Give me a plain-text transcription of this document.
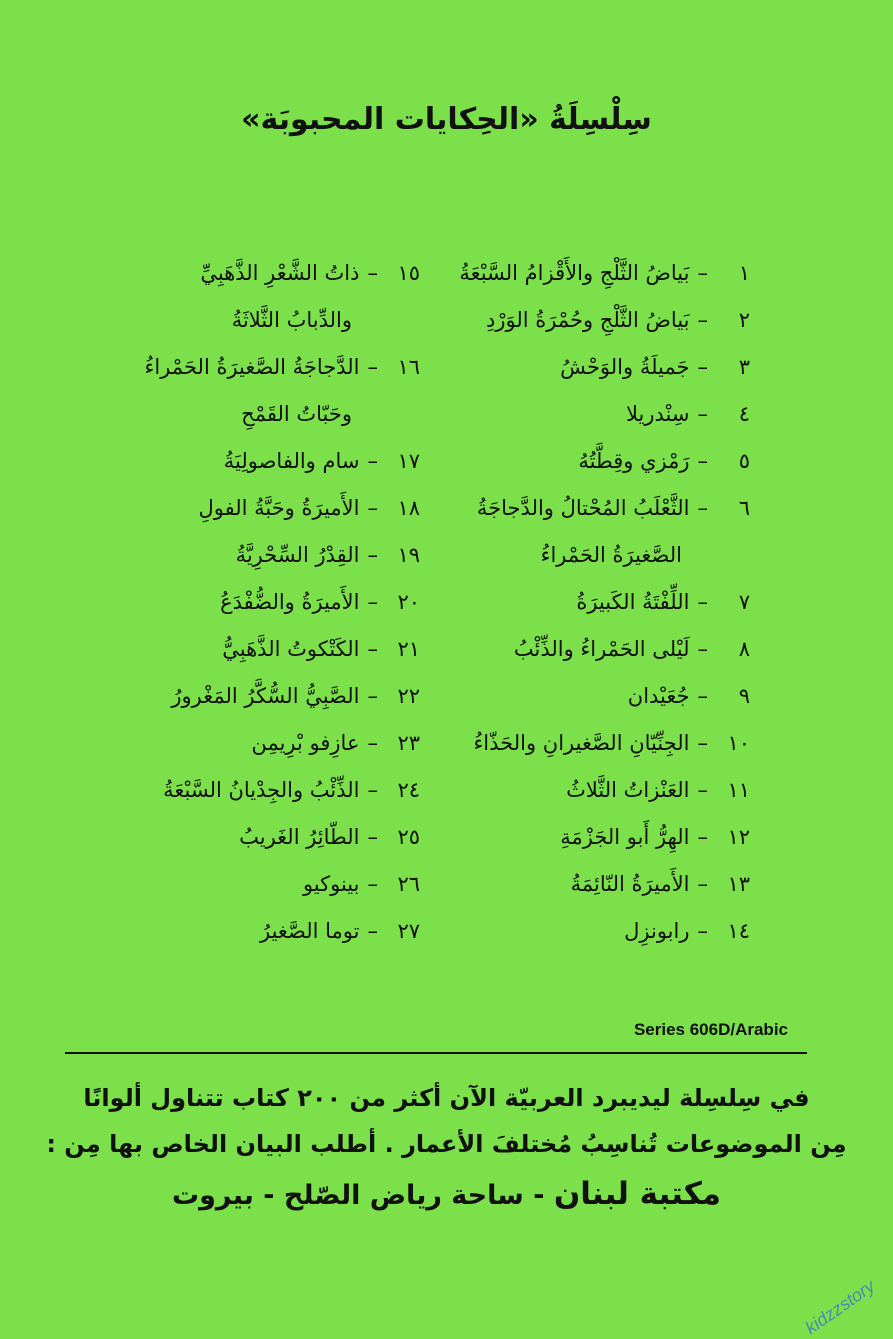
سِلْسِلَةُ «الحِكايات المحبوبَة»
١–بَياضُ الثَّلْجِ والأَقْزامُ السَّبْعَةُ
٢–بَياضُ الثَّلْجِ وحُمْرَةُ الوَرْدِ
٣–جَميلَةُ والوَحْشُ
٤–سِنْدريلا
٥–رَمْزي وقِطَّتُهُ
٦–الثَّعْلَبُ المُحْتالُ والدَّجاجَةُ
الصَّغيرَةُ الحَمْراءُ
٧–اللِّفْتَةُ الكَبيرَةُ
٨–لَيْلى الحَمْراءُ والذِّئْبُ
٩–جُعَيْدان
١٠–الجِنِّيّانِ الصَّغيرانِ والحَذّاءُ
١١–العَنْزاتُ الثَّلاثُ
١٢–الهِرُّ أَبو الجَزْمَةِ
١٣–الأَميرَةُ النّائِمَةُ
١٤–رابونزِل
١٥–ذاتُ الشَّعْرِ الذَّهَبِيِّ
والدِّبابُ الثَّلاثَةُ
١٦–الدَّجاجَةُ الصَّغيرَةُ الحَمْراءُ
وحَبّاتُ القَمْحِ
١٧–سام والفاصولِيَةُ
١٨–الأَميرَةُ وحَبَّةُ الفولِ
١٩–القِدْرُ السِّحْرِيَّةُ
٢٠–الأَميرَةُ والضُّفْدَعُ
٢١–الكَتْكوتُ الذَّهَبِيُّ
٢٢–الصَّبِيُّ السُّكَّرُ المَغْرورُ
٢٣–عازِفو بْرِيمِن
٢٤–الذِّئْبُ والجِدْيانُ السَّبْعَةُ
٢٥–الطّائِرُ الغَريبُ
٢٦–بينوكيو
٢٧–توما الصَّغيرُ
Series 606D/Arabic
في سِلسِلة ليديبرد العربيّة الآن أكثر من ٢٠٠ كتاب تتناول ألوانًا
مِن الموضوعات تُناسِبُ مُختلفَ الأعمار . أطلب البيان الخاص بها مِن :
مكتبة لبنان - ساحة رياض الصّلح - بيروت
kidzzstory
